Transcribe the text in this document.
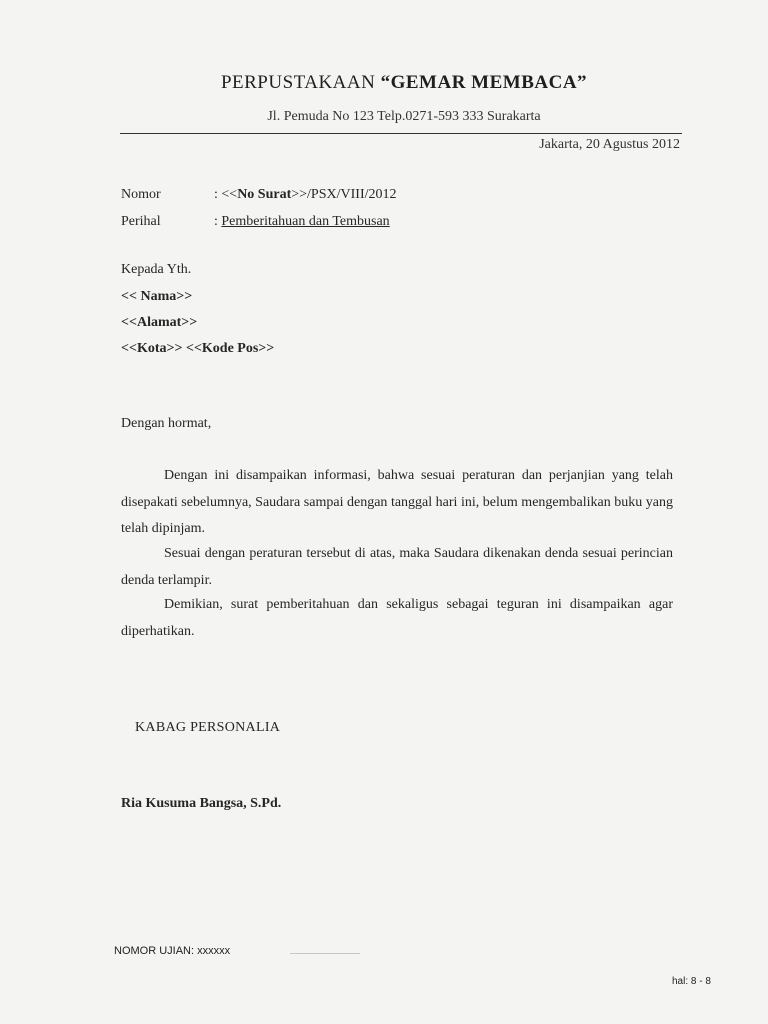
PERPUSTAKAAN “GEMAR MEMBACA”
Jl. Pemuda No 123 Telp.0271-593 333 Surakarta
Jakarta, 20 Agustus 2012
Nomor	: <<No Surat>>/PSX/VIII/2012
Perihal	: Pemberitahuan dan Tembusan
Kepada Yth.
<< Nama>>
<<Alamat>>
<<Kota>> <<Kode Pos>>
Dengan hormat,
Dengan ini disampaikan informasi, bahwa sesuai peraturan dan perjanjian yang telah disepakati sebelumnya, Saudara sampai dengan tanggal hari ini, belum mengembalikan buku yang telah dipinjam.
Sesuai dengan peraturan tersebut di atas, maka Saudara dikenakan denda sesuai perincian denda terlampir.
Demikian, surat pemberitahuan dan sekaligus sebagai teguran ini disampaikan agar diperhatikan.
KABAG PERSONALIA
Ria Kusuma Bangsa, S.Pd.
NOMOR UJIAN: xxxxxx
hal: 8 - 8
